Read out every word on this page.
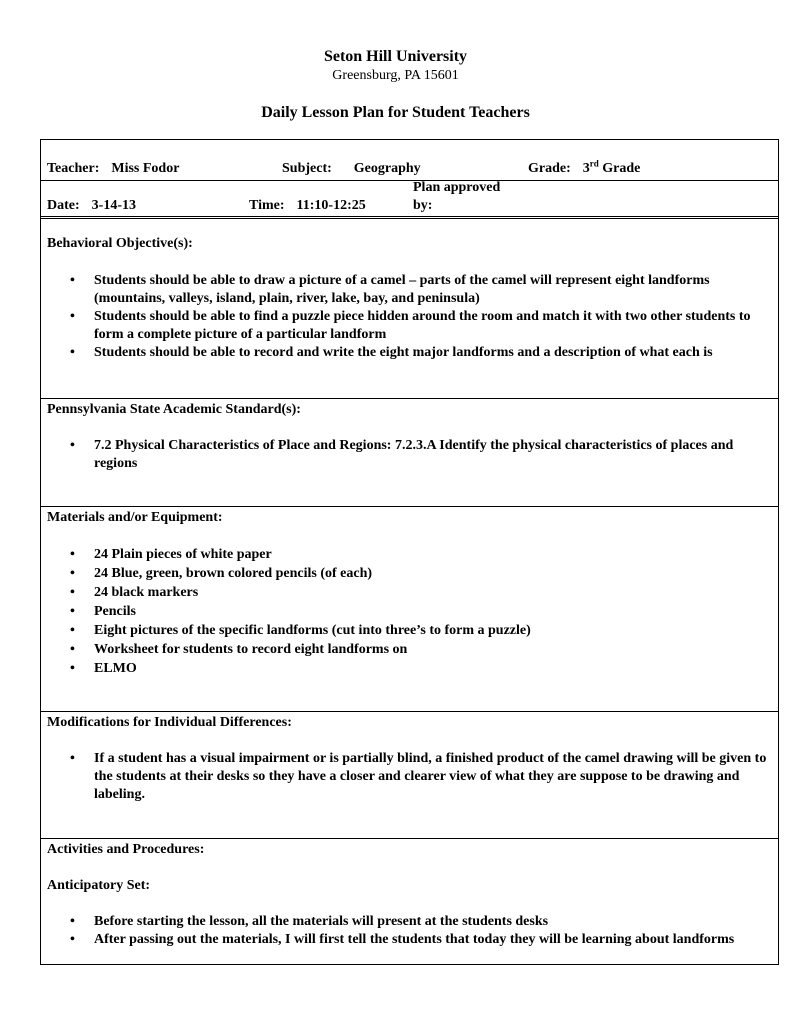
Seton Hill University
Greensburg, PA 15601
Daily Lesson Plan for Student Teachers
Teacher: Miss Fodor	Subject: Geography	Grade: 3rd Grade
Date: 3-14-13	Time: 11:10-12:25
Plan approved
by:
Behavioral Objective(s):
• Students should be able to draw a picture of a camel – parts of the camel will represent eight landforms (mountains, valleys, island, plain, river, lake, bay, and peninsula)
• Students should be able to find a puzzle piece hidden around the room and match it with two other students to form a complete picture of a particular landform
• Students should be able to record and write the eight major landforms and a description of what each is
Pennsylvania State Academic Standard(s):
• 7.2 Physical Characteristics of Place and Regions: 7.2.3.A Identify the physical characteristics of places and regions
Materials and/or Equipment:
• 24 Plain pieces of white paper
• 24 Blue, green, brown colored pencils (of each)
• 24 black markers
• Pencils
• Eight pictures of the specific landforms (cut into three’s to form a puzzle)
• Worksheet for students to record eight landforms on
• ELMO
Modifications for Individual Differences:
• If a student has a visual impairment or is partially blind, a finished product of the camel drawing will be given to the students at their desks so they have a closer and clearer view of what they are suppose to be drawing and labeling.
Activities and Procedures:
Anticipatory Set:
• Before starting the lesson, all the materials will present at the students desks
• After passing out the materials, I will first tell the students that today they will be learning about landforms
